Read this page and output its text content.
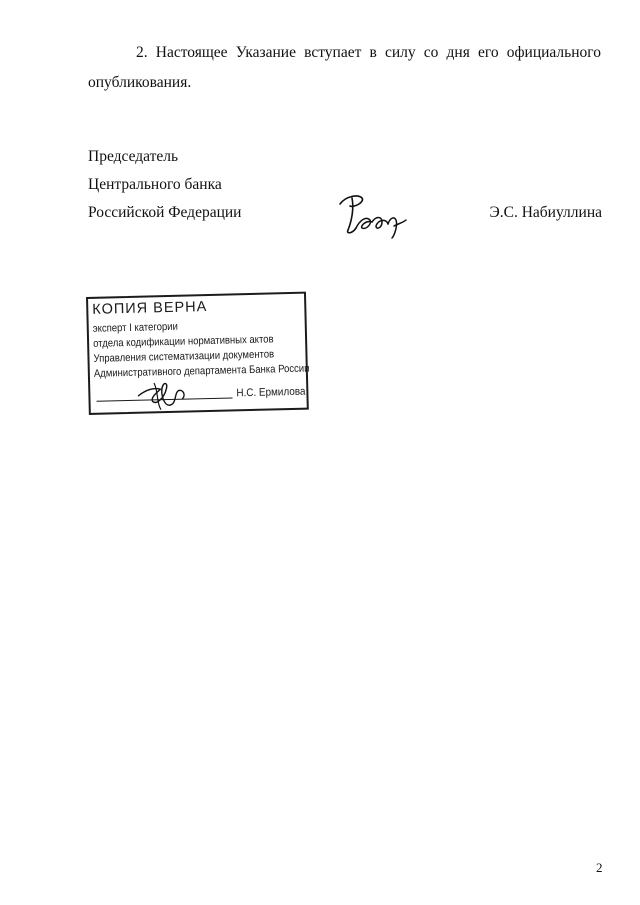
2. Настоящее Указание вступает в силу со дня его официального опубликования.
Председатель
Центрального банка
Российской Федерации	Э.С. Набиуллина
КОПИЯ ВЕРНА
эксперт I категории
отдела кодификации нормативных актов
Управления систематизации документов
Административного департамента Банка России
Н.С. Ермилова
2
